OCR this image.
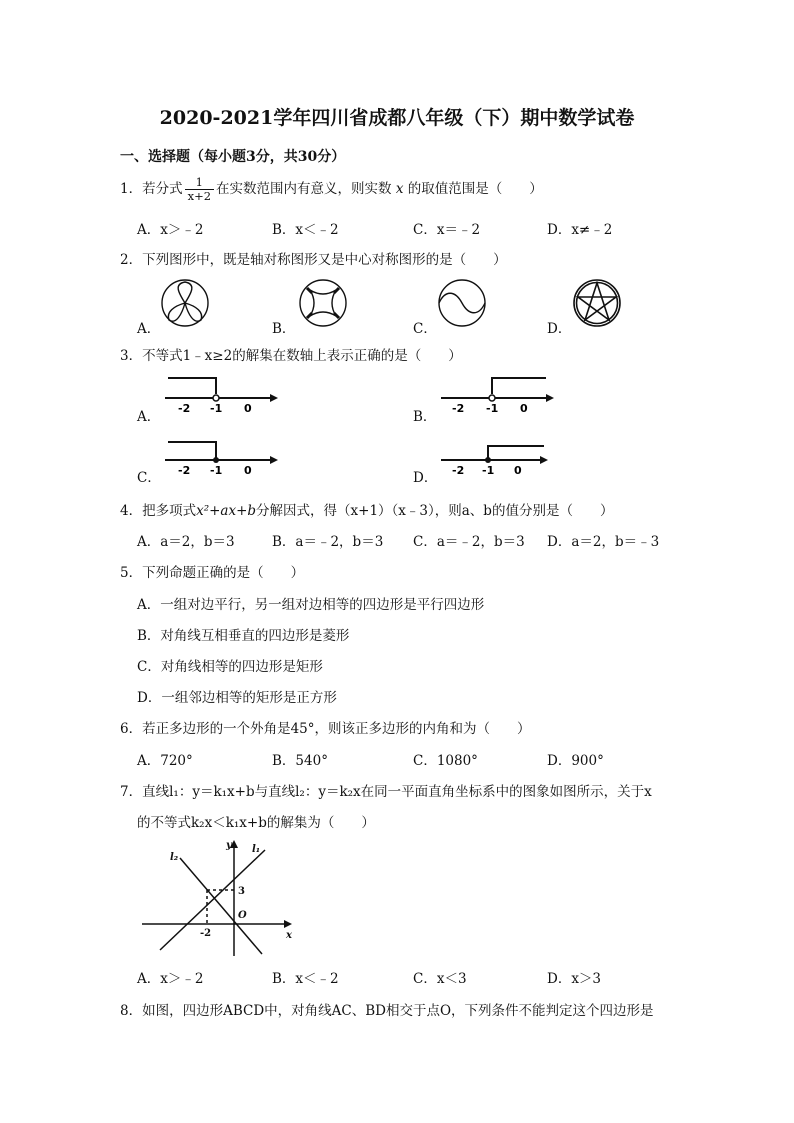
2020-2021学年四川省成都八年级（下）期中数学试卷
一、选择题（每小题3分，共30分）
1．若分式 $\frac{1}{x+2}$ 在实数范围内有意义，则实数 x 的取值范围是（　　）
A．x＞﹣2	B．x＜﹣2	C．x＝﹣2	D．x≠﹣2
2．下列图形中，既是轴对称图形又是中心对称图形的是（　　）
A．	B．	C．	D．
3．不等式1﹣x≥2的解集在数轴上表示正确的是（　　）
A．	B．
C．	D．
-2 -1 0	-2 -1 0
-2 -1 0	-2 -1 0
4．把多项式x²+ax+b分解因式，得（x+1）（x﹣3），则a、b的值分别是（　　）
A．a＝2，b＝3	B．a＝﹣2，b＝3 C．a＝﹣2，b＝3 D．a＝2，b＝﹣3
5．下列命题正确的是（　　）
A．一组对边平行，另一组对边相等的四边形是平行四边形
B．对角线互相垂直的四边形是菱形
C．对角线相等的四边形是矩形
D．一组邻边相等的矩形是正方形
6．若正多边形的一个外角是45°，则该正多边形的内角和为（　　）
A．720°	B．540°	C．1080°	D．900°
7．直线l₁：y＝k₁x+b与直线l₂：y＝k₂x在同一平面直角坐标系中的图象如图所示，关于x
的不等式k₂x＜k₁x+b的解集为（　　）
l₂
y l₁
3
O
-2	x
A．x＞﹣2	B．x＜﹣2	C．x＜3	D．x＞3
8．如图，四边形ABCD中，对角线AC、BD相交于点O，下列条件不能判定这个四边形是
